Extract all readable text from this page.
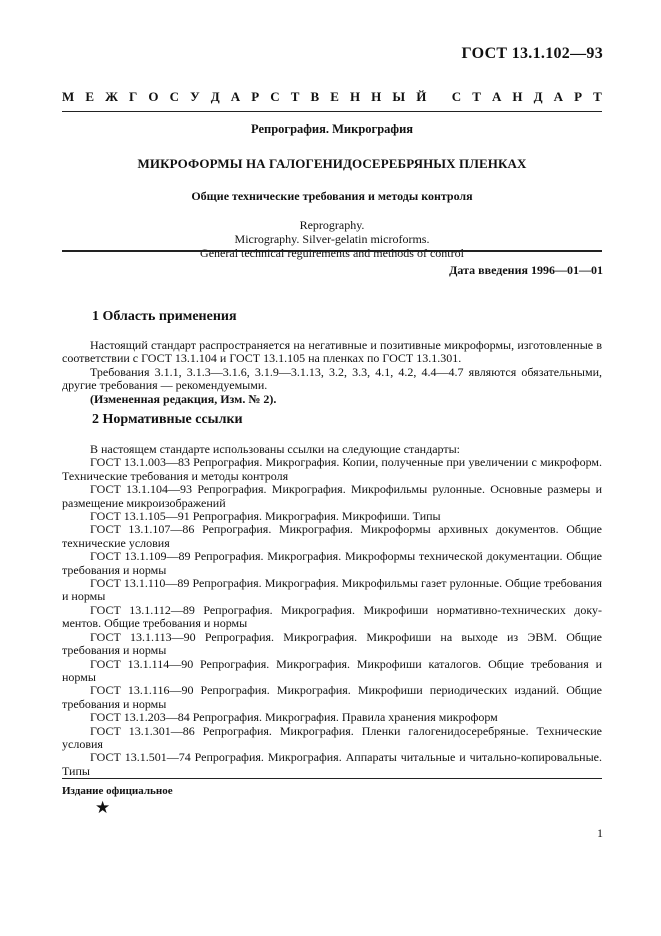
ГОСТ 13.1.102—93
М Е Ж Г О С У Д А Р С Т В Е Н Н Ы Й
С Т А Н Д А Р Т
Репрография. Микрография
МИКРОФОРМЫ НА ГАЛОГЕНИДОСЕРЕБРЯНЫХ ПЛЕНКАХ
Общие технические требования и методы контроля
Reprography.
Micrography. Silver-gelatin microforms.
General technical reguirements and methods of control
Дата введения 1996—01—01
1 Область применения

Настоящий стандарт распространяется на негативные и позитивные микроформы, изготовленные в соответствии с ГОСТ 13.1.104 и ГОСТ 13.1.105 на пленках по ГОСТ 13.1.301.

Требования 3.1.1, 3.1.3—3.1.6, 3.1.9—3.1.13, 3.2, 3.3, 4.1, 4.2, 4.4—4.7 являются обязательными, другие требования — рекомендуемыми.

(Измененная редакция, Изм. № 2).

2 Нормативные ссылки

В настоящем стандарте использованы ссылки на следующие стандарты:

ГОСТ 13.1.003—83 Репрография. Микрография. Копии, полученные при увеличении с микроформ. Технические требования и методы контроля

ГОСТ 13.1.104—93 Репрография. Микрография. Микрофильмы рулонные. Основные размеры и размещение микроизображений

ГОСТ 13.1.105—91 Репрография. Микрография. Микрофиши. Типы

ГОСТ 13.1.107—86 Репрография. Микрография. Микроформы архивных документов. Общие технические условия

ГОСТ 13.1.109—89 Репрография. Микрография. Микроформы технической документации. Общие требования и нормы

ГОСТ 13.1.110—89 Репрография. Микрография. Микрофильмы газет рулонные. Общие требования и нормы

ГОСТ 13.1.112—89 Репрография. Микрография. Микрофиши нормативно-технических документов. Общие требования и нормы

ГОСТ 13.1.113—90 Репрография. Микрография. Микрофиши на выходе из ЭВМ. Общие требования и нормы

ГОСТ 13.1.114—90 Репрография. Микрография. Микрофиши каталогов. Общие требования и нормы

ГОСТ 13.1.116—90 Репрография. Микрография. Микрофиши периодических изданий. Общие требования и нормы

ГОСТ 13.1.203—84 Репрография. Микрография. Правила хранения микроформ

ГОСТ 13.1.301—86 Репрография. Микрография. Пленки галогенидосеребряные. Технические условия

ГОСТ 13.1.501—74 Репрография. Микрография. Аппараты читальные и читально-копировальные. Типы

Издание официальное
★
1
